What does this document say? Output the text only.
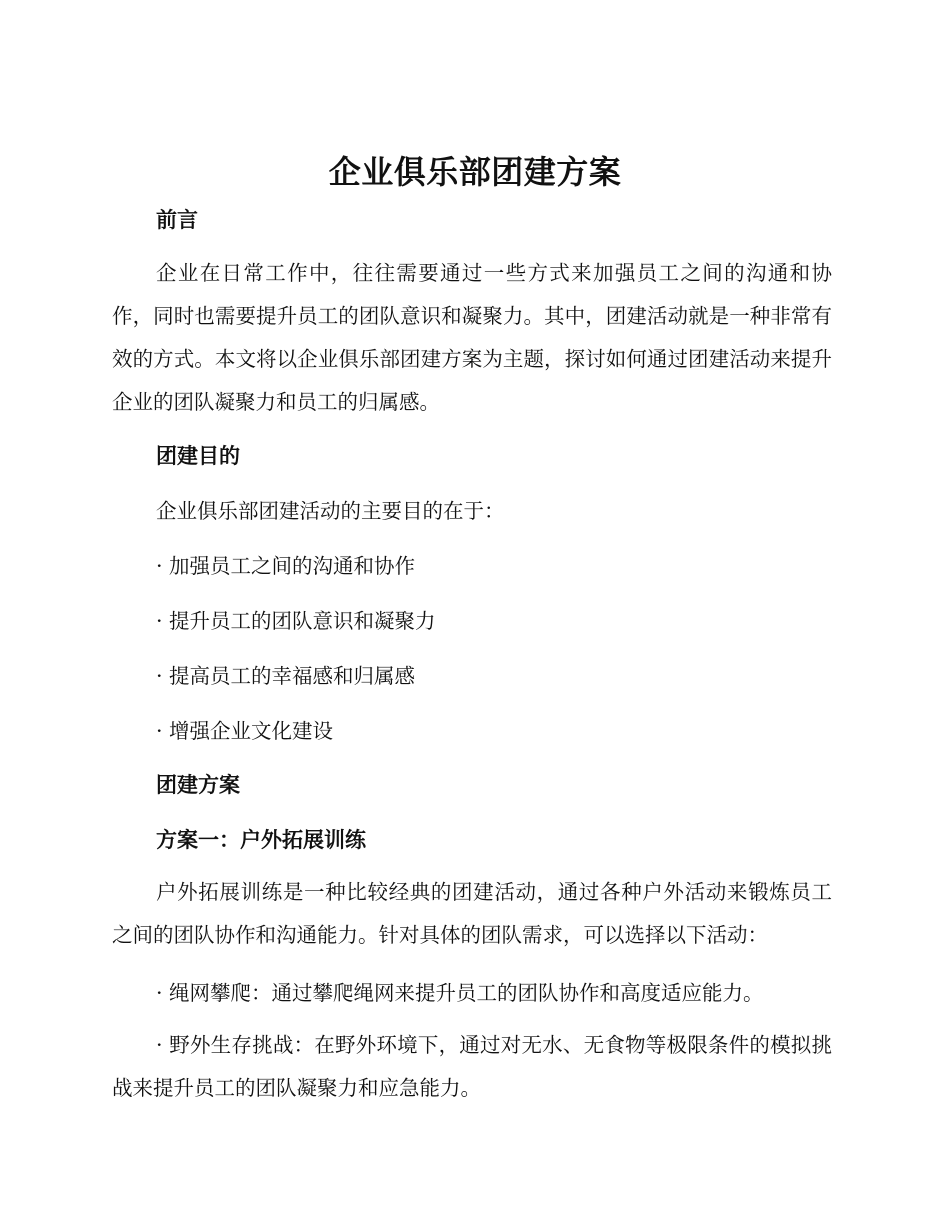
企业俱乐部团建方案
前言
企业在日常工作中，往往需要通过一些方式来加强员工之间的沟通和协作，同时也需要提升员工的团队意识和凝聚力。其中，团建活动就是一种非常有效的方式。本文将以企业俱乐部团建方案为主题，探讨如何通过团建活动来提升企业的团队凝聚力和员工的归属感。
团建目的
企业俱乐部团建活动的主要目的在于：
· 加强员工之间的沟通和协作
· 提升员工的团队意识和凝聚力
· 提高员工的幸福感和归属感
· 增强企业文化建设
团建方案
方案一：户外拓展训练
户外拓展训练是一种比较经典的团建活动，通过各种户外活动来锻炼员工之间的团队协作和沟通能力。针对具体的团队需求，可以选择以下活动：
· 绳网攀爬：通过攀爬绳网来提升员工的团队协作和高度适应能力。
· 野外生存挑战：在野外环境下，通过对无水、无食物等极限条件的模拟挑战来提升员工的团队凝聚力和应急能力。
